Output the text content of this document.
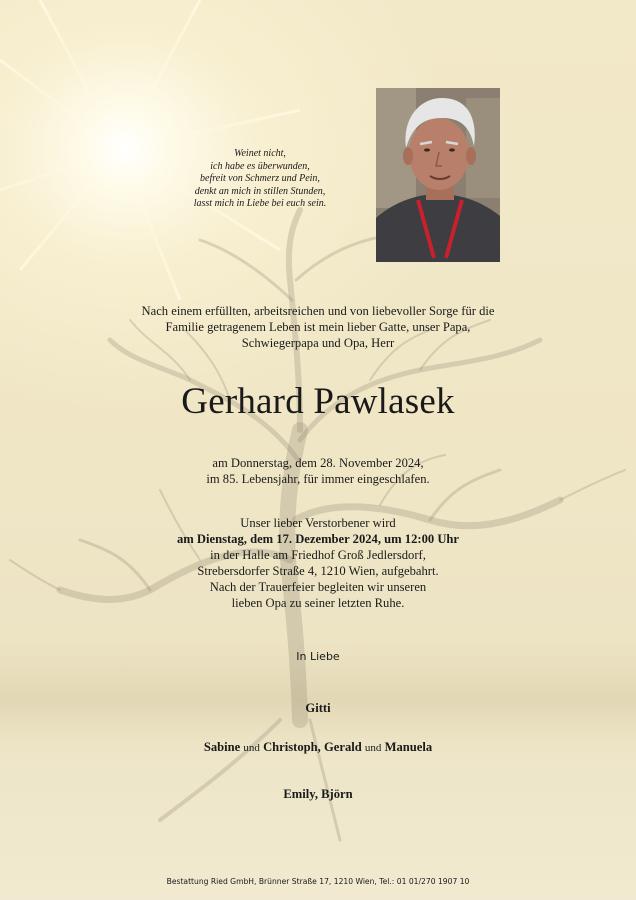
Weinet nicht,
ich habe es überwunden,
befreit von Schmerz und Pein,
denkt an mich in stillen Stunden,
lasst mich in Liebe bei euch sein.
Nach einem erfüllten, arbeitsreichen und von liebevoller Sorge für die
Familie getragenem Leben ist mein lieber Gatte, unser Papa,
Schwiegerpapa und Opa, Herr
Gerhard Pawlasek
am Donnerstag, dem 28. November 2024,
im 85. Lebensjahr, für immer eingeschlafen.
Unser lieber Verstorbener wird
am Dienstag, dem 17. Dezember 2024, um 12:00 Uhr
in der Halle am Friedhof Groß Jedlersdorf,
Strebersdorfer Straße 4, 1210 Wien, aufgebahrt.
Nach der Trauerfeier begleiten wir unseren
lieben Opa zu seiner letzten Ruhe.
In Liebe
Gitti
Sabine und Christoph, Gerald und Manuela
Emily, Björn
Bestattung Ried GmbH, Brünner Straße 17, 1210 Wien, Tel.: 01 01/270 1907 10
